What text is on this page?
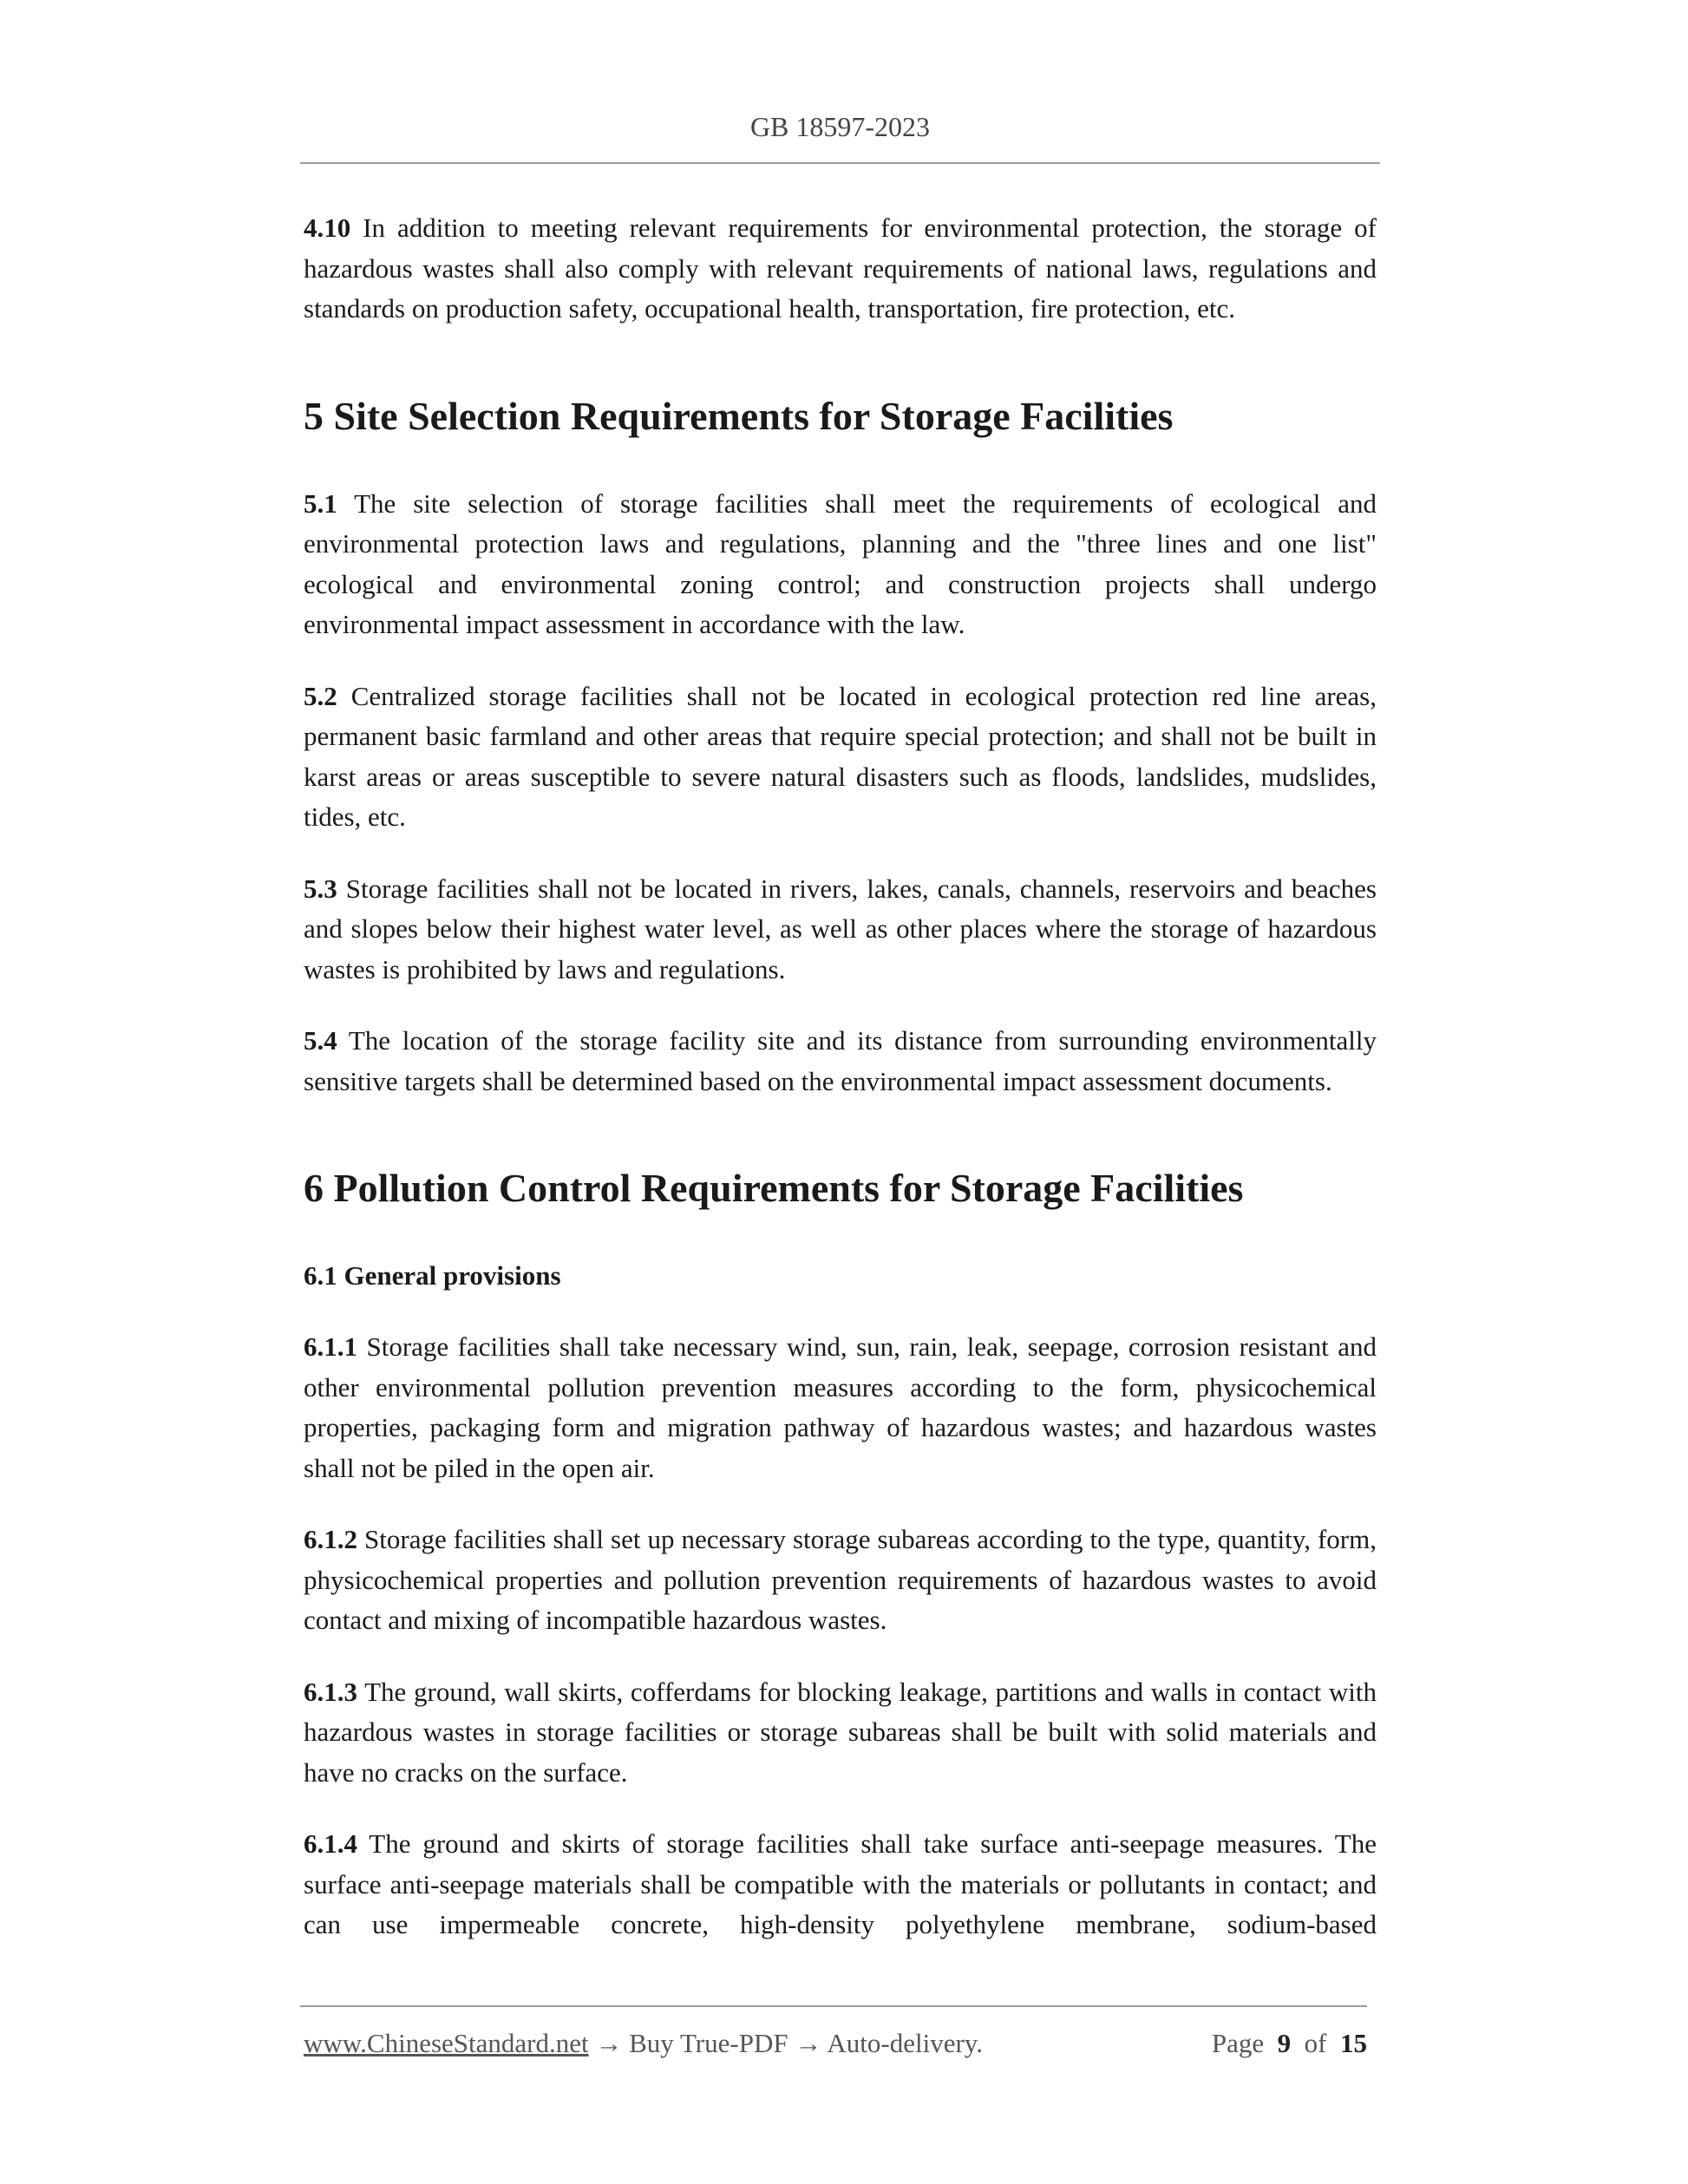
GB 18597-2023

4.10 In addition to meeting relevant requirements for environmental protection, the storage of hazardous wastes shall also comply with relevant requirements of national laws, regulations and standards on production safety, occupational health, transportation, fire protection, etc.

5 Site Selection Requirements for Storage Facilities

5.1 The site selection of storage facilities shall meet the requirements of ecological and environmental protection laws and regulations, planning and the "three lines and one list" ecological and environmental zoning control; and construction projects shall undergo environmental impact assessment in accordance with the law.

5.2 Centralized storage facilities shall not be located in ecological protection red line areas, permanent basic farmland and other areas that require special protection; and shall not be built in karst areas or areas susceptible to severe natural disasters such as floods, landslides, mudslides, tides, etc.

5.3 Storage facilities shall not be located in rivers, lakes, canals, channels, reservoirs and beaches and slopes below their highest water level, as well as other places where the storage of hazardous wastes is prohibited by laws and regulations.

5.4 The location of the storage facility site and its distance from surrounding environmentally sensitive targets shall be determined based on the environmental impact assessment documents.

6 Pollution Control Requirements for Storage Facilities
6.1 General provisions

6.1.1 Storage facilities shall take necessary wind, sun, rain, leak, seepage, corrosion resistant and other environmental pollution prevention measures according to the form, physicochemical properties, packaging form and migration pathway of hazardous wastes; and hazardous wastes shall not be piled in the open air.

6.1.2 Storage facilities shall set up necessary storage subareas according to the type, quantity, form, physicochemical properties and pollution prevention requirements of hazardous wastes to avoid contact and mixing of incompatible hazardous wastes.

6.1.3 The ground, wall skirts, cofferdams for blocking leakage, partitions and walls in contact with hazardous wastes in storage facilities or storage subareas shall be built with solid materials and have no cracks on the surface.

6.1.4 The ground and skirts of storage facilities shall take surface anti-seepage measures. The surface anti-seepage materials shall be compatible with the materials or pollutants in contact; and can use impermeable concrete, high-density polyethylene membrane, sodium-based

www.ChineseStandard.net → Buy True-PDF → Auto-delivery.	Page 9 of 15
